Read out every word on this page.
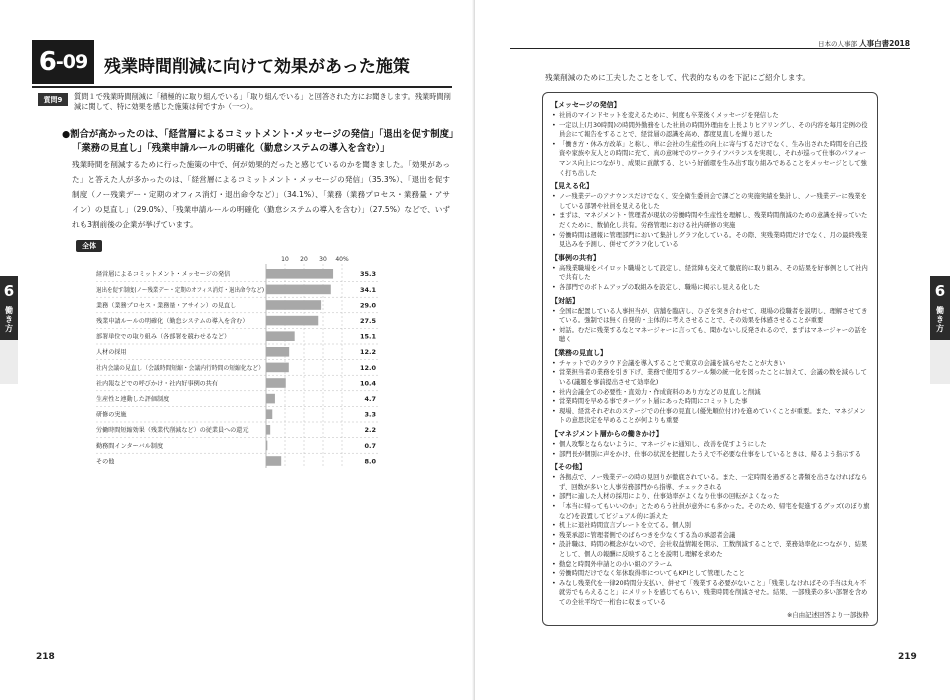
6 -09 残業時間削減に向けて効果があった施策
質問9	質問１で残業時間削減に「積極的に取り組んでいる」「取り組んでいる」と回答された方にお聞きします。残業時間削減に関して、特に効果を感じた施策は何ですか（一つ）。
●割合が高かったのは、「経営層によるコミットメント･メッセージの発信」「退出を促す制度」
「業務の見直し」「残業申請ルールの明確化（勤怠システムの導入を含む）」
残業時間を削減するために行った施策の中で、何が効果的だったと感じているのかを聞きました。「効果があった」と答えた人が多かったのは、「経営層によるコミットメント・メッセージの発信」（35.3%）、「退出を促す制度（ノー残業デー・定期のオフィス消灯・退出命令など）」（34.1%）、「業務（業務プロセス・業務量・アサイン）の見直し」（29.0%）、「残業申請ルールの明確化（勤怠システムの導入を含む）」（27.5%）などで、いずれも3割前後の企業が挙げています。
全体
10 20 30 40%
経営層によるコミットメント・メッセージの発信	35.3
退出を促す制度(ノー残業デー・定期のオフィス消灯・退出命令など)	34.1
業務（業務プロセス・業務量・アサイン）の見直し	29.0
残業申請ルールの明確化（勤怠システムの導入を含む）	27.5
部署単位での取り組み（各部署を競わせるなど）	15.1
人材の採用	12.2
社内会議の見直し（会議時間短縮・会議内行時間の短縮化など）	12.0
社内報などでの呼びかけ・社内好事例の共有	10.4
生産性と連動した評価制度	4.7
研修の実施	3.3
労働時間短縮効果（残業代削減など）の従業員への還元	2.2
勤務間インターバル制度	0.7
その他	8.0
218
6
働き方
日本の人事部 人事白書2018
残業削減のために工夫したことをして、代表的なものを下記にご紹介します。
【メッセージの発信】
• 社員のマインドセットを変えるために、何度も卒業後くメッセージを発信した
• 一定以上(月30時間)の時間外勤務をした社員の時間外理由を上長よりヒアリングし、その内容を毎月定例の役員会にて報告をすることで、経営層の認識を高め、都度見直しを繰り返した
• 「働き方・休み方改革」と称し、単に会社の生産性の向上に寄与するだけでなく、生み出された時間を自己投資や家族や友人との時間に充て、真の意味でのワークライフバランスを実現し、それが巡って仕事のパフォーマンス向上につながり、成果に貢献する、という好循環を生み出す取り組みであることをメッセージとして強く打ち出した
【見える化】
• ノー残業デーのアナウンスだけでなく、安全衛生委員会で課ごとの実施実績を集計し、ノー残業デーに残業をしている部署や社員を見える化した
• まずは、マネジメント・管理者が現状の労働時間や生産性を理解し、残業時間削減のための意識を持っていただくために、数値化し共有。労務管理における社内研修の実施
• 労働時間は週報に管理部門において集計しグラフ化している。その際、実残業時間だけでなく、月の最終残業見込みを予測し、併せてグラフ化している
【事例の共有】
• 高残業職場をパイロット職場として設定し、経営陣も交えて徹底的に取り組み、その結果を好事例として社内で共有した
• 各部門でのボトムアップの取組みを設定し、職場に掲示し見える化した
【対話】
• 全国に配置している人事担当が、店舗を臨店し、ひざを突き合わせて、現場の役職者を説明し、理解させてきている。強制では無く自発的・主体的に考えさせることで、その効果を体感させることが重要
• 対話。むだに残業するなとマネージャーに言っても、聞かないし反発されるので、まずはマネージャーの話を聴く
【業務の見直し】
• チャットでのクラウド会議を導入することで東京の会議を減らせたことが大きい
• 営業担当者の業務を引き下げ、業務で使用するツール類の統一化を図ったことに加えて、会議の数を減らしている(議題を事前提出させて効率化)
• 社内会議全ての必要性・直効力・作成資料のあり方などの見直しと削減
• 営業時間を早める事でターゲット層にあった時間にコミットした事
• 現場、経営それぞれのステージでの仕事の見直し(優先順位付け)を進めていくことが重要。また、マネジメントの意思決定を早めることが何よりも重要
【マネジメント層からの働きかけ】
• 個人攻撃とならないように、マネージャに通知し、改善を促すようにした
• 部門長が個別に声をかけ、仕事の状況を把握したうえで不必要な仕事をしているときは、帰るよう指示する
【その他】
• 各拠点で、ノー残業デーの時の見回りが徹底されている。また、一定時間を過ぎると書類を出さなければならず、回数が多いと人事労務部門から指導、チェックされる
• 部門に適した人材の採用により、仕事効率がよくなり仕事の回転がよくなった
• 「本当に帰ってもいいのか」とためらう社員が意外にも多かった。そのため、帰宅を促進するグッズ(のぼり旗など)を設置してビジュアル的に訴えた
• 机上に退社時間宣言プレートを立てる。個人別
• 残業承認に管理者側でのばらつきを少なくする為の承認者会議
• 設計職は、時間の概念がないので、会社収益情報を開示、工数削減することで、業務効率化につながり、結果として、個人の報酬に反映することを説明し理解を求めた
• 勤怠と時間外申請との小い組のアラーム
• 労働時間だけでなく年休取得率についてもKPIとして管理したこと
• みなし残業代を一律20時間分支払い、併せて「残業する必要がないこと」「残業しなければその手当は丸々不就労でもらえること」にメリットを感じてもらい、残業時間を削減させた。結果、一部残業の多い部署を含めての全社平均で一桁台に収まっている
※自由記述回答より一部抜粋
219
6
働き方
